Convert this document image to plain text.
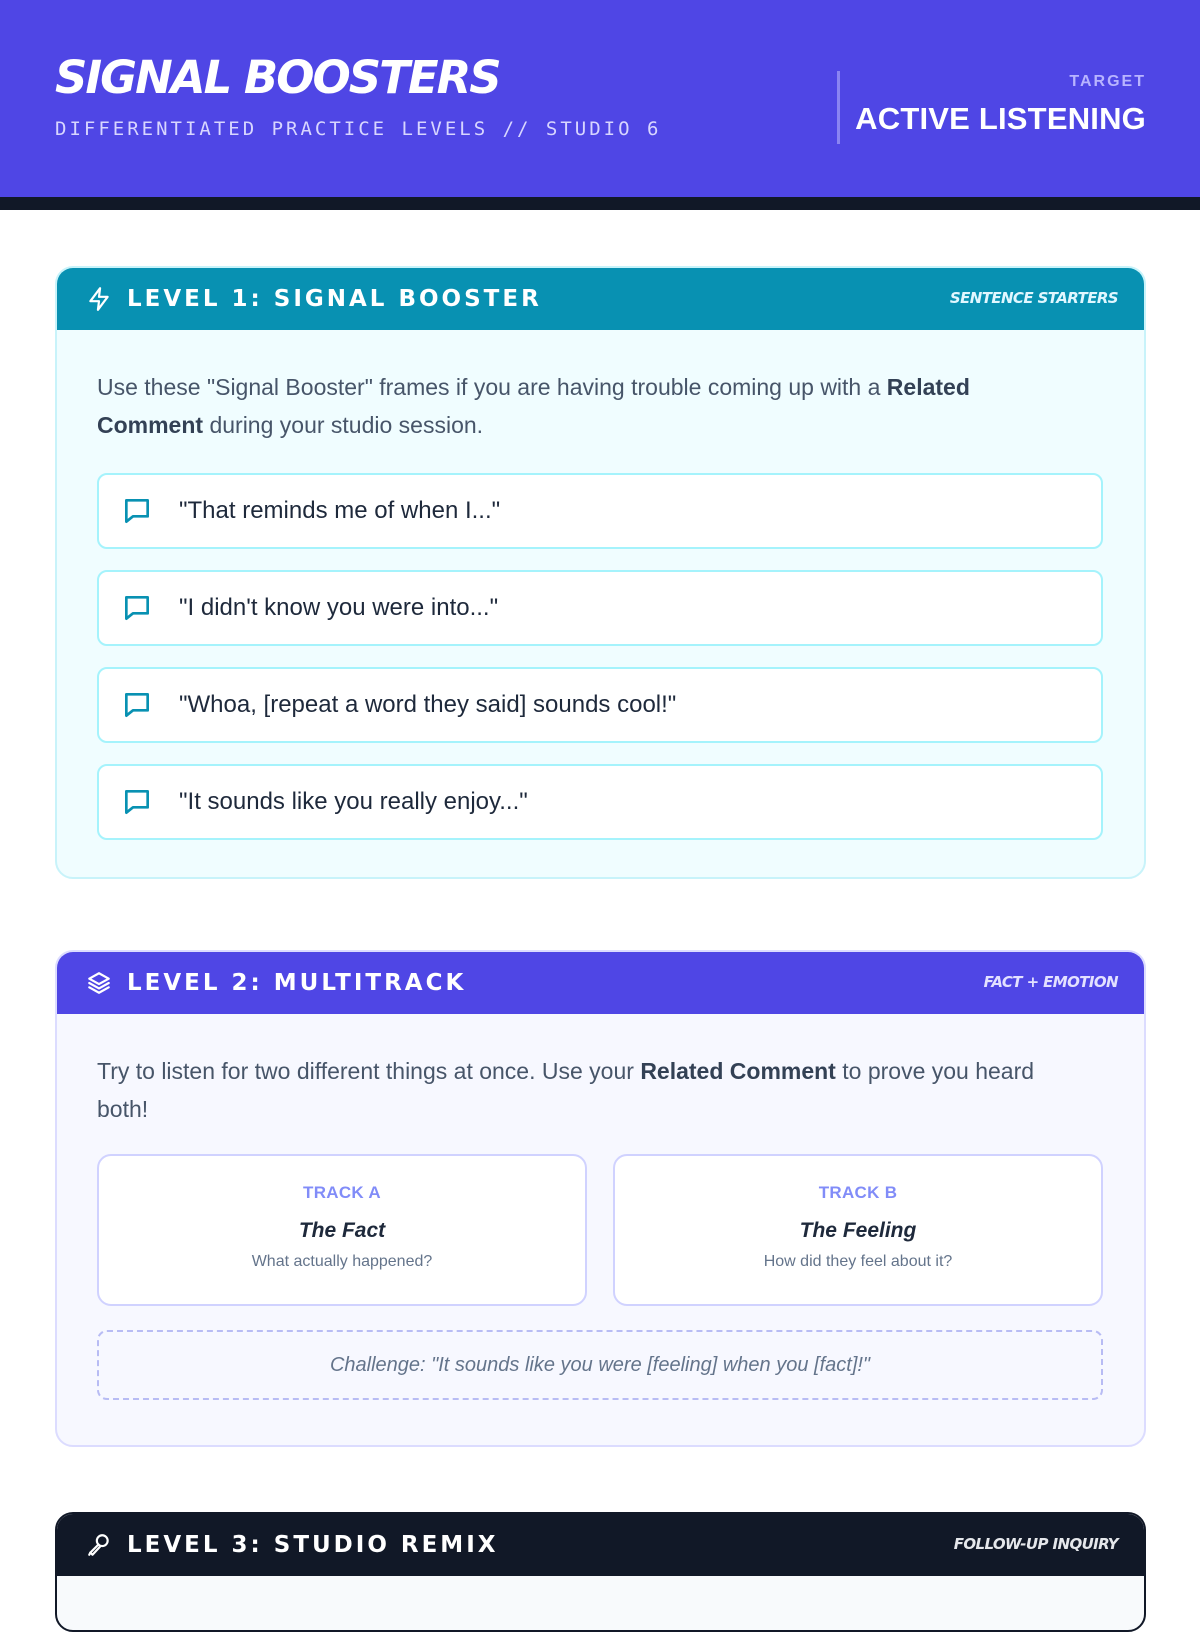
SIGNAL BOOSTERS
DIFFERENTIATED PRACTICE LEVELS // STUDIO 6
TARGET
ACTIVE LISTENING
LEVEL 1: SIGNAL BOOSTER	SENTENCE STARTERS
Use these "Signal Booster" frames if you are having trouble coming up with a Related Comment during your studio session.
"That reminds me of when I..."
"I didn't know you were into..."
"Whoa, [repeat a word they said] sounds cool!"
"It sounds like you really enjoy..."
LEVEL 2: MULTITRACK	FACT + EMOTION
Try to listen for two different things at once. Use your Related Comment to prove you heard both!
TRACK A
The Fact
What actually happened?
TRACK B
The Feeling
How did they feel about it?
Challenge: "It sounds like you were [feeling] when you [fact]!"
LEVEL 3: STUDIO REMIX	FOLLOW-UP INQUIRY
